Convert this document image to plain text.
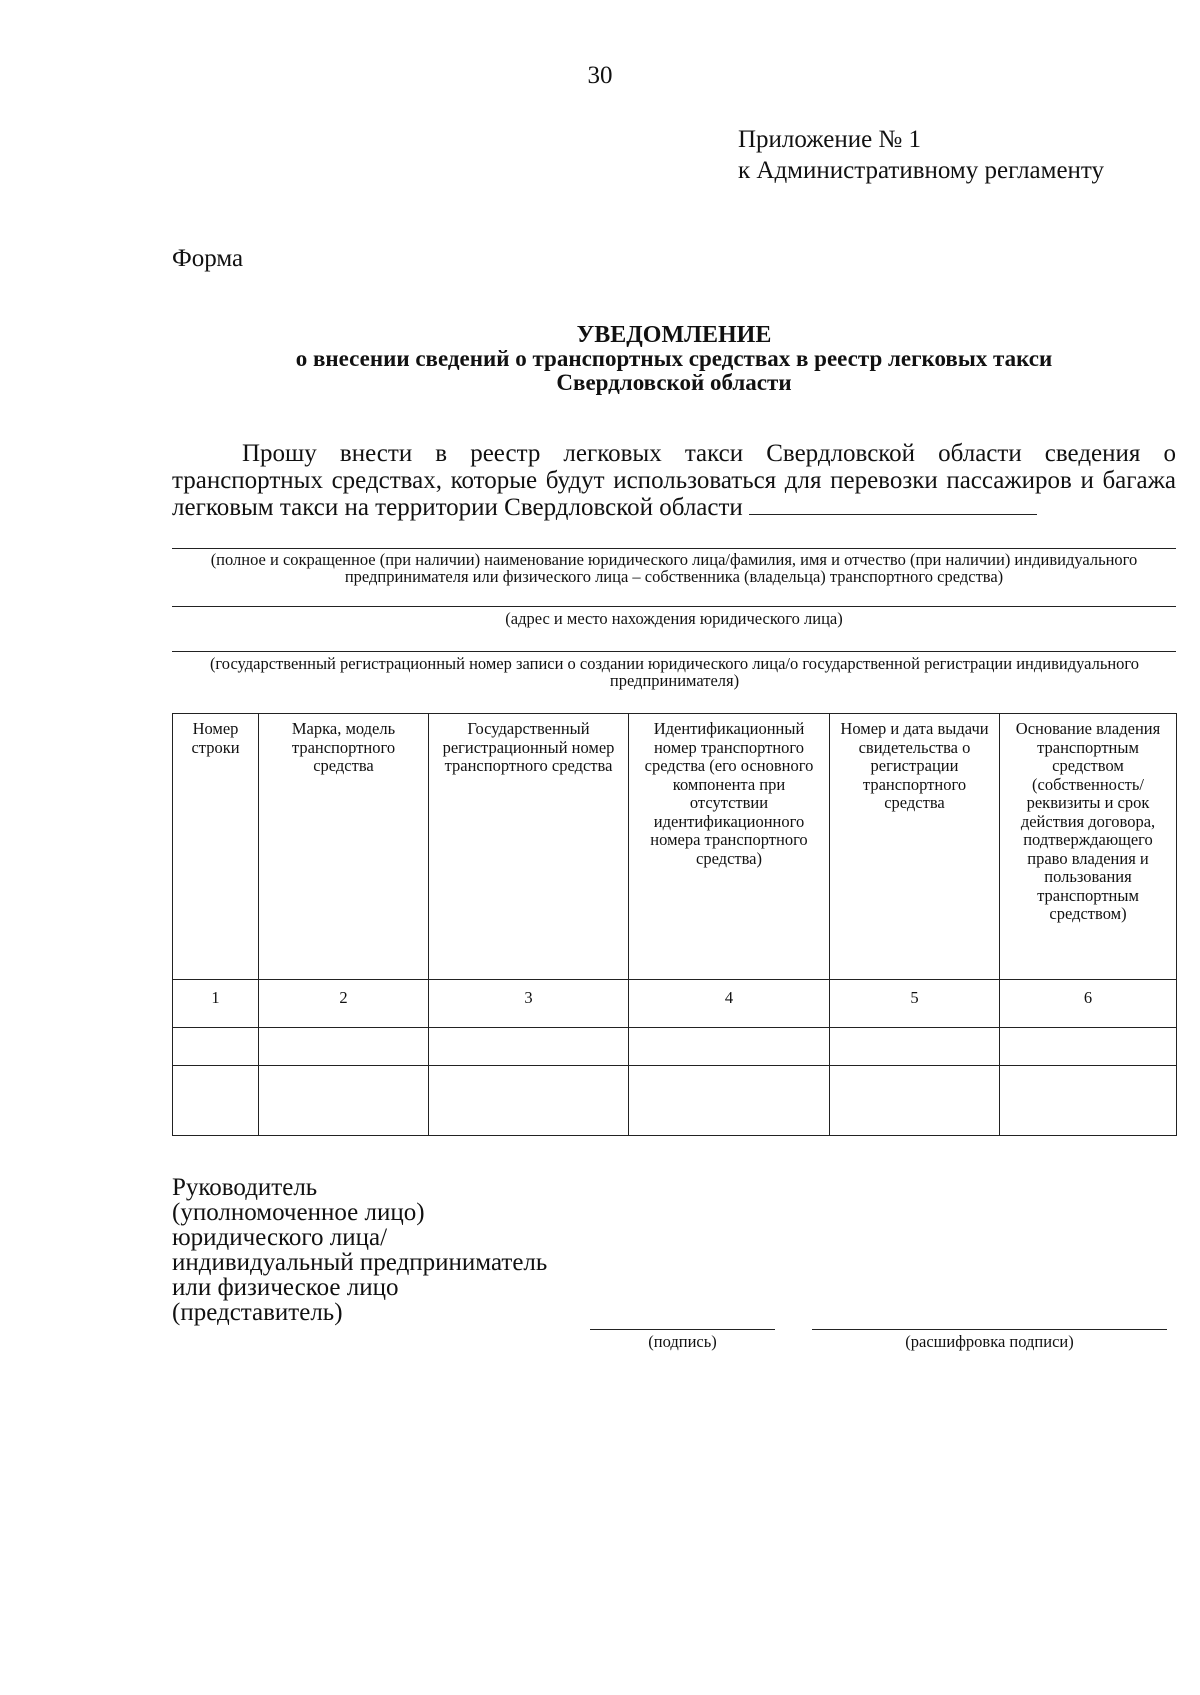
30
Приложение № 1
к Административному регламенту
Форма
УВЕДОМЛЕНИЕ
о внесении сведений о транспортных средствах в реестр легковых такси
Свердловской области
Прошу внести в реестр легковых такси Свердловской области сведения о транспортных средствах, которые будут использоваться для перевозки пассажиров и багажа легковым такси на территории Свердловской области
(полное и сокращенное (при наличии) наименование юридического лица/фамилия, имя и отчество (при наличии) индивидуального предпринимателя или физического лица – собственника (владельца) транспортного средства)
(адрес и место нахождения юридического лица)
(государственный регистрационный номер записи о создании юридического лица/о государственной регистрации индивидуального предпринимателя)
Номер строки	Марка, модель транспортного средства	Государственный регистрационный номер транспортного средства	Идентификационный номер транспортного средства (его основного компонента при отсутствии идентификационного номера транспортного средства)	Номер и дата выдачи свидетельства о регистрации транспортного средства	Основание владения транспортным средством (собственность/ реквизиты и срок действия договора, подтверждающего право владения и пользования транспортным средством)
1	2	3	4	5	6

Руководитель
(уполномоченное лицо)
юридического лица/
индивидуальный предприниматель
или физическое лицо
(представитель)
(подпись)	(расшифровка подписи)
